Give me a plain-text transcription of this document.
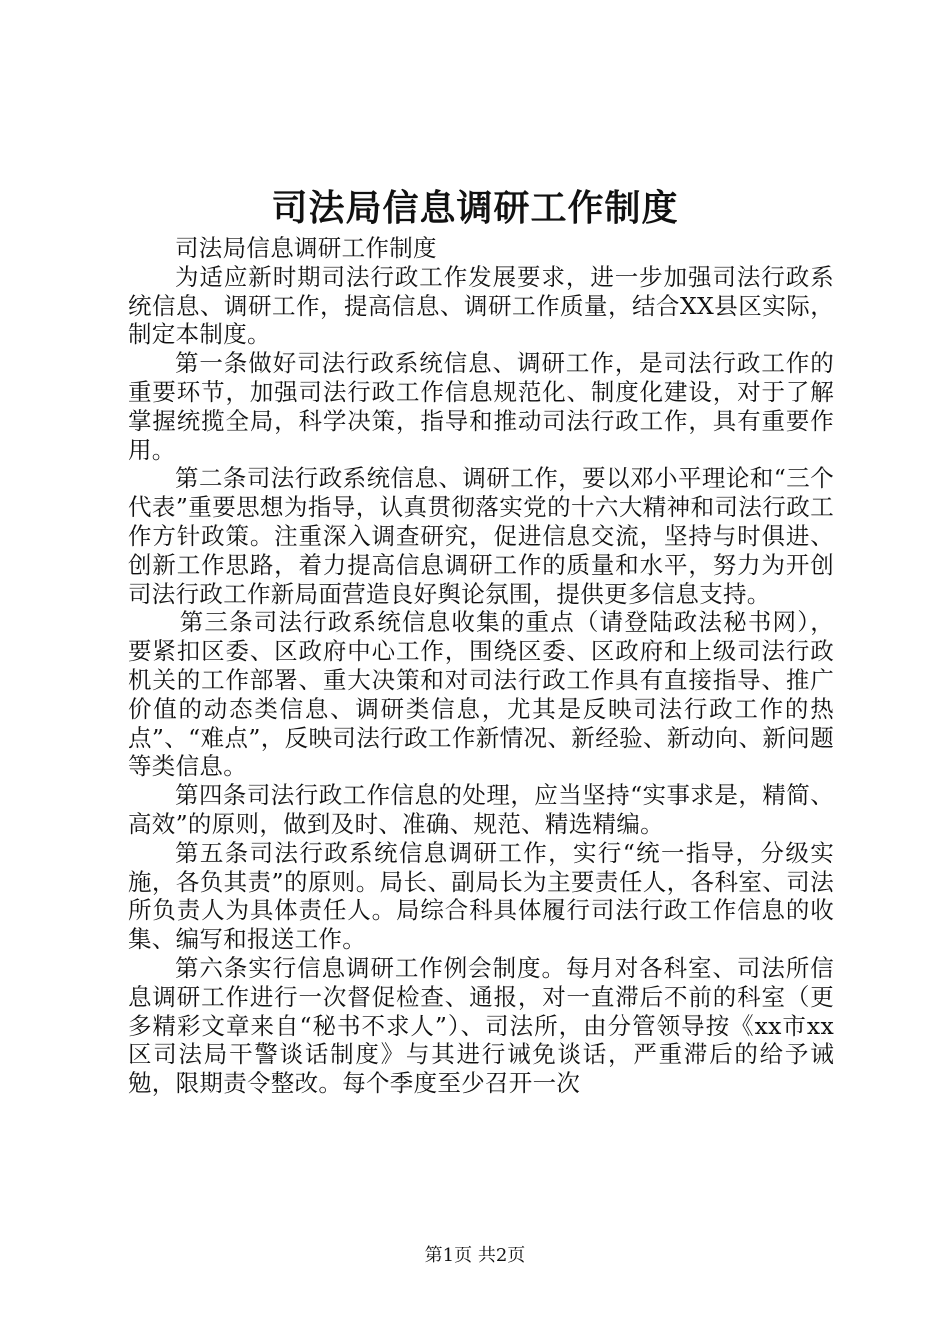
司法局信息调研工作制度

司法局信息调研工作制度

为适应新时期司法行政工作发展要求，进一步加强司法行政系统信息、调研工作，提高信息、调研工作质量，结合XX县区实际，制定本制度。

第一条做好司法行政系统信息、调研工作，是司法行政工作的重要环节，加强司法行政工作信息规范化、制度化建设，对于了解掌握统揽全局，科学决策，指导和推动司法行政工作，具有重要作用。

第二条司法行政系统信息、调研工作，要以邓小平理论和“三个代表”重要思想为指导，认真贯彻落实党的十六大精神和司法行政工作方针政策。注重深入调查研究，促进信息交流，坚持与时俱进、创新工作思路，着力提高信息调研工作的质量和水平，努力为开创司法行政工作新局面营造良好舆论氛围，提供更多信息支持。

第三条司法行政系统信息收集的重点（请登陆政法秘书网），要紧扣区委、区政府中心工作，围绕区委、区政府和上级司法行政机关的工作部署、重大决策和对司法行政工作具有直接指导、推广价值的动态类信息、调研类信息，尤其是反映司法行政工作的热点”、“难点”，反映司法行政工作新情况、新经验、新动向、新问题等类信息。

第四条司法行政工作信息的处理，应当坚持“实事求是，精简、高效”的原则，做到及时、准确、规范、精选精编。

第五条司法行政系统信息调研工作，实行“统一指导，分级实施，各负其责”的原则。局长、副局长为主要责任人，各科室、司法所负责人为具体责任人。局综合科具体履行司法行政工作信息的收集、编写和报送工作。

第六条实行信息调研工作例会制度。每月对各科室、司法所信息调研工作进行一次督促检查、通报，对一直滞后不前的科室（更多精彩文章来自“秘书不求人”）、司法所，由分管领导按《xx市xx区司法局干警谈话制度》与其进行诫免谈话，严重滞后的给予诫勉，限期责令整改。每个季度至少召开一次

第1页 共2页
